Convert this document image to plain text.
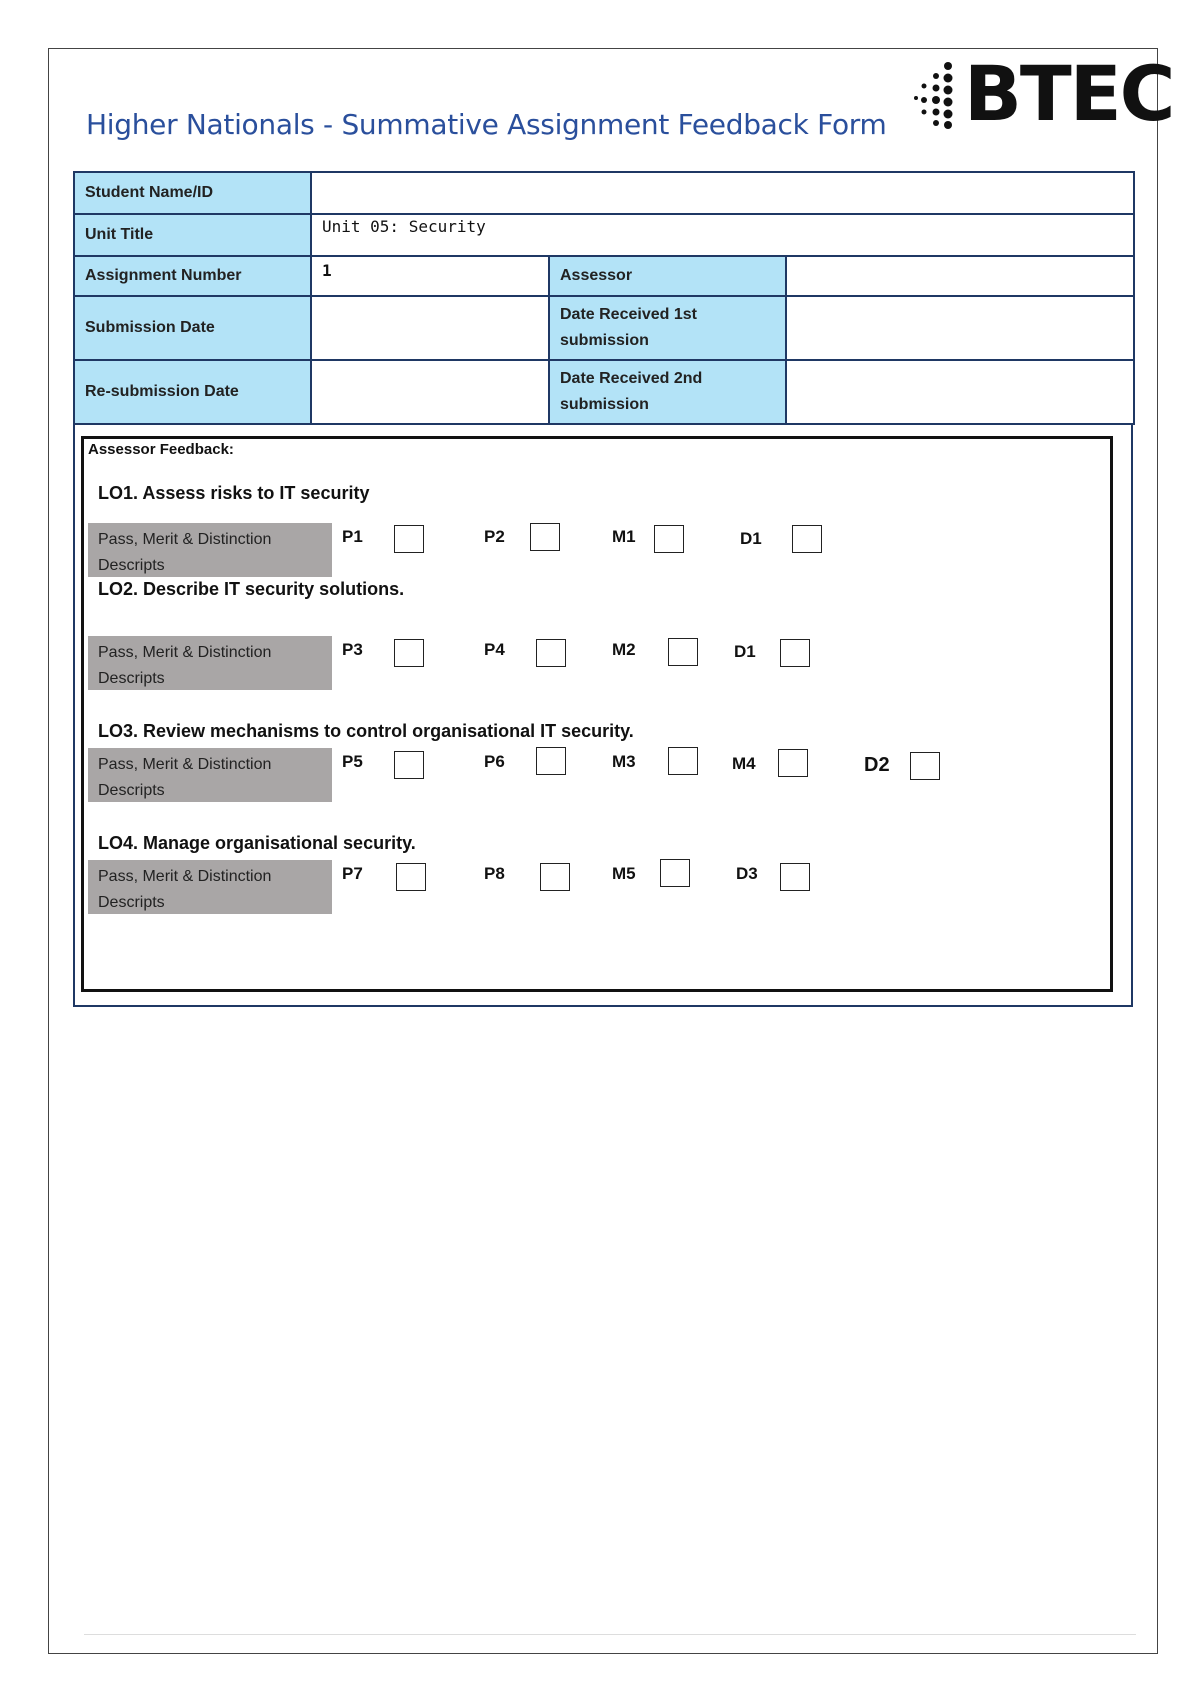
Higher Nationals - Summative Assignment Feedback Form BTEC
Student Name/ID			
Unit Title	Unit 05: Security		
Assignment Number	1	Assessor	
Submission Date		Date Received 1st submission	
Re-submission Date		Date Received 2nd submission	
Assessor Feedback:
LO1. Assess risks to IT security
Pass, Merit & Distinction Descripts
P1	P2	M1	D1
LO2. Describe IT security solutions.
Pass, Merit & Distinction Descripts
P3	P4	M2	D1
LO3. Review mechanisms to control organisational IT security.
Pass, Merit & Distinction Descripts
P5	P6	M3	M4	D2
LO4. Manage organisational security.
Pass, Merit & Distinction Descripts
P7	P8	M5	D3
